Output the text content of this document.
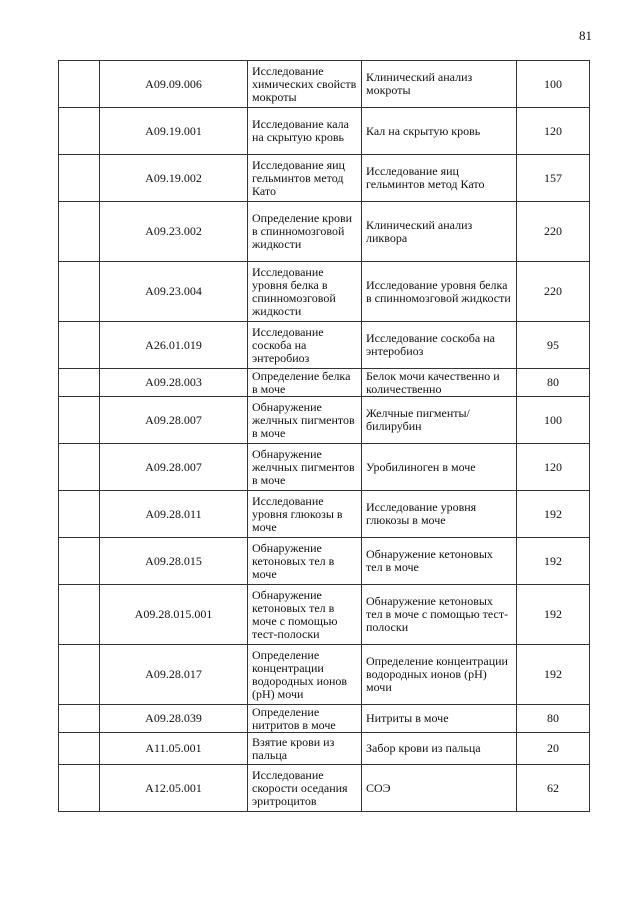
81
	A09.09.006	Исследование химических свойств мокроты	Клинический анализ мокроты	100
	A09.19.001	Исследование кала на скрытую кровь	Кал на скрытую кровь	120
	A09.19.002	Исследование яиц гельминтов метод Като	Исследование яиц гельминтов метод Като	157
	A09.23.002	Определение крови в спинномозговой жидкости	Клинический анализ ликвора	220
	A09.23.004	Исследование уровня белка в спинномозговой жидкости	Исследование уровня белка в спинномозговой жидкости	220
	A26.01.019	Исследование соскоба на энтеробиоз	Исследование соскоба на энтеробиоз	95
	A09.28.003	Определение белка в моче	Белок мочи качественно и количественно	80
	A09.28.007	Обнаружение желчных пигментов в моче	Желчные пигменты/билирубин	100
	A09.28.007	Обнаружение желчных пигментов в моче	Уробилиноген в моче	120
	A09.28.011	Исследование уровня глюкозы в моче	Исследование уровня глюкозы в моче	192
	A09.28.015	Обнаружение кетоновых тел в моче	Обнаружение кетоновых тел в моче	192
	A09.28.015.001	Обнаружение кетоновых тел в моче с помощью тест-полоски	Обнаружение кетоновых тел в моче с помощью тест-полоски	192
	A09.28.017	Определение концентрации водородных ионов (pH) мочи	Определение концентрации водородных ионов (pH) мочи	192
	A09.28.039	Определение нитритов в моче	Нитриты в моче	80
	A11.05.001	Взятие крови из пальца	Забор крови из пальца	20
	A12.05.001	Исследование скорости оседания эритроцитов	СОЭ	62
